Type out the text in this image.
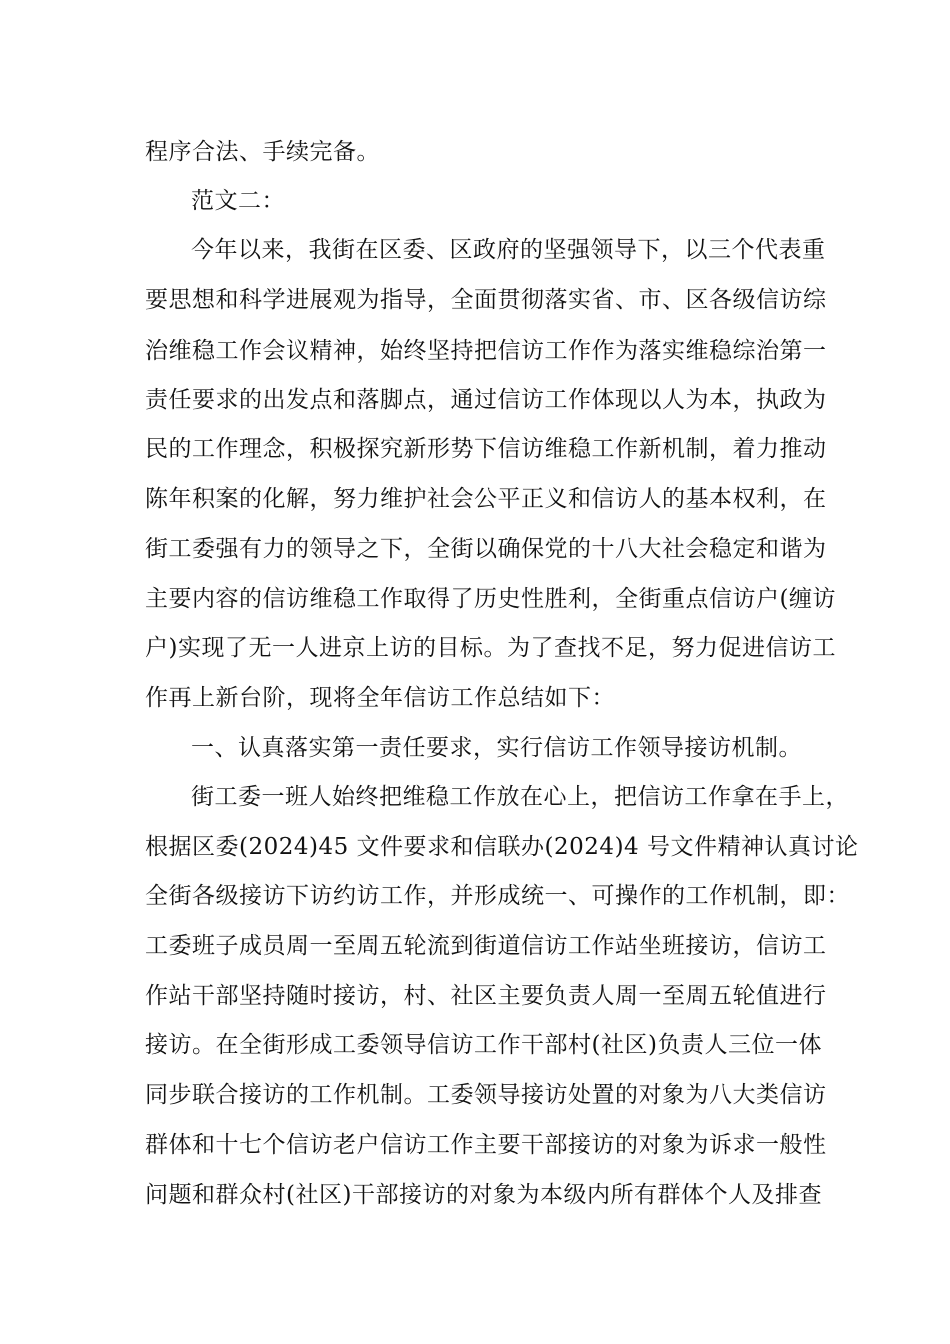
程序合法、手续完备。
范文二：
今年以来，我街在区委、区政府的坚强领导下，以三个代表重
要思想和科学进展观为指导，全面贯彻落实省、市、区各级信访综
治维稳工作会议精神，始终坚持把信访工作作为落实维稳综治第一
责任要求的出发点和落脚点，通过信访工作体现以人为本，执政为
民的工作理念，积极探究新形势下信访维稳工作新机制，着力推动
陈年积案的化解，努力维护社会公平正义和信访人的基本权利，在
街工委强有力的领导之下，全街以确保党的十八大社会稳定和谐为
主要内容的信访维稳工作取得了历史性胜利，全街重点信访户(缠访
户)实现了无一人进京上访的目标。为了查找不足，努力促进信访工
作再上新台阶，现将全年信访工作总结如下：
一、认真落实第一责任要求，实行信访工作领导接访机制。
街工委一班人始终把维稳工作放在心上，把信访工作拿在手上，
根据区委(2024)45 文件要求和信联办(2024)4 号文件精神认真讨论
全街各级接访下访约访工作，并形成统一、可操作的工作机制，即：
工委班子成员周一至周五轮流到街道信访工作站坐班接访，信访工
作站干部坚持随时接访，村、社区主要负责人周一至周五轮值进行
接访。在全街形成工委领导信访工作干部村(社区)负责人三位一体
同步联合接访的工作机制。工委领导接访处置的对象为八大类信访
群体和十七个信访老户信访工作主要干部接访的对象为诉求一般性
问题和群众村(社区)干部接访的对象为本级内所有群体个人及排查
